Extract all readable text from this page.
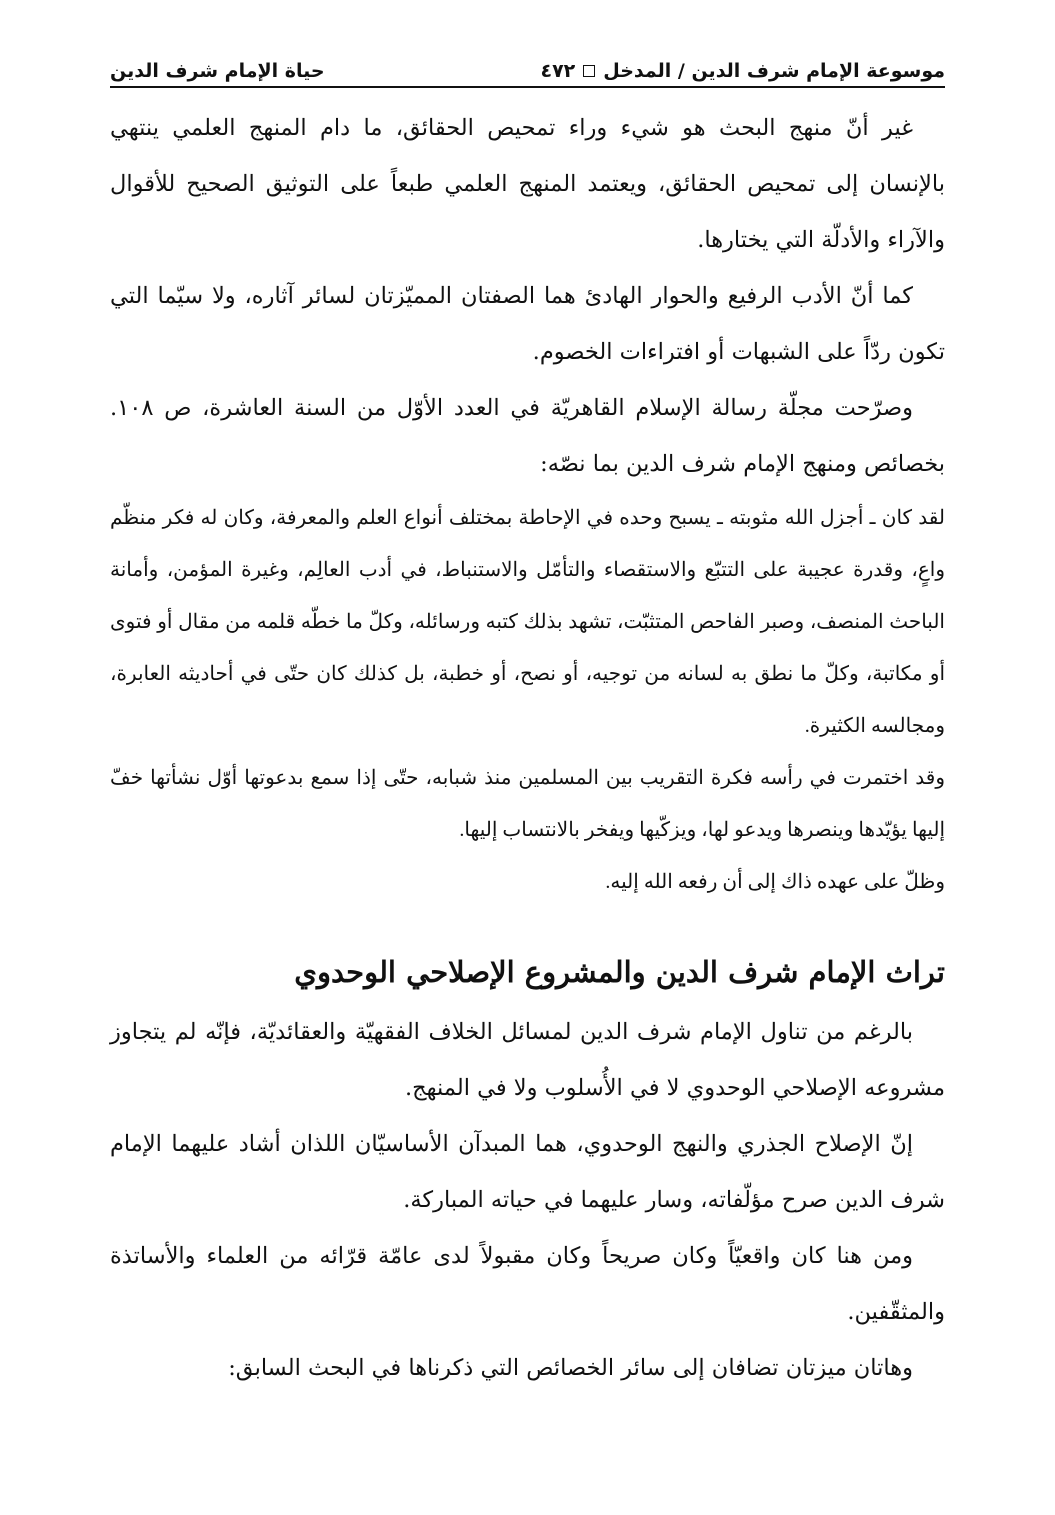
حياة الإمام شرف الدين	موسوعة الإمام شرف الدين / المدخل
٤٧٢

غير أنّ منهج البحث هو شيء وراء تمحيص الحقائق، ما دام المنهج العلمي ينتهي بالإنسان إلى تمحيص الحقائق، ويعتمد المنهج العلمي طبعاً على التوثيق الصحيح للأقوال والآراء والأدلّة التي يختارها.

كما أنّ الأدب الرفيع والحوار الهادئ هما الصفتان المميّزتان لسائر آثاره، ولا سيّما التي تكون ردّاً على الشبهات أو افتراءات الخصوم.

وصرّحت مجلّة رسالة الإسلام القاهريّة في العدد الأوّل من السنة العاشرة، ص ١٠٨. بخصائص ومنهج الإمام شرف الدين بما نصّه:

لقد كان ـ أجزل الله مثوبته ـ يسبح وحده في الإحاطة بمختلف أنواع العلم والمعرفة، وكان له فكر منظّم واعٍ، وقدرة عجيبة على التتبّع والاستقصاء والتأمّل والاستنباط، في أدب العالِم، وغيرة المؤمن، وأمانة الباحث المنصف، وصبر الفاحص المتثبّت، تشهد بذلك كتبه ورسائله، وكلّ ما خطّه قلمه من مقال أو فتوى أو مكاتبة، وكلّ ما نطق به لسانه من توجيه، أو نصح، أو خطبة، بل كذلك كان حتّى في أحاديثه العابرة، ومجالسه الكثيرة.

وقد اختمرت في رأسه فكرة التقريب بين المسلمين منذ شبابه، حتّى إذا سمع بدعوتها أوّل نشأتها خفّ إليها يؤيّدها وينصرها ويدعو لها، ويزكّيها ويفخر بالانتساب إليها.

وظلّ على عهده ذاك إلى أن رفعه الله إليه.

تراث الإمام شرف الدين والمشروع الإصلاحي الوحدوي

بالرغم من تناول الإمام شرف الدين لمسائل الخلاف الفقهيّة والعقائديّة، فإنّه لم يتجاوز مشروعه الإصلاحي الوحدوي لا في الأُسلوب ولا في المنهج.

إنّ الإصلاح الجذري والنهج الوحدوي، هما المبدآن الأساسيّان اللذان أشاد عليهما الإمام شرف الدين صرح مؤلّفاته، وسار عليهما في حياته المباركة.

ومن هنا كان واقعيّاً وكان صريحاً وكان مقبولاً لدى عامّة قرّائه من العلماء والأساتذة والمثقّفين.

وهاتان ميزتان تضافان إلى سائر الخصائص التي ذكرناها في البحث السابق:
